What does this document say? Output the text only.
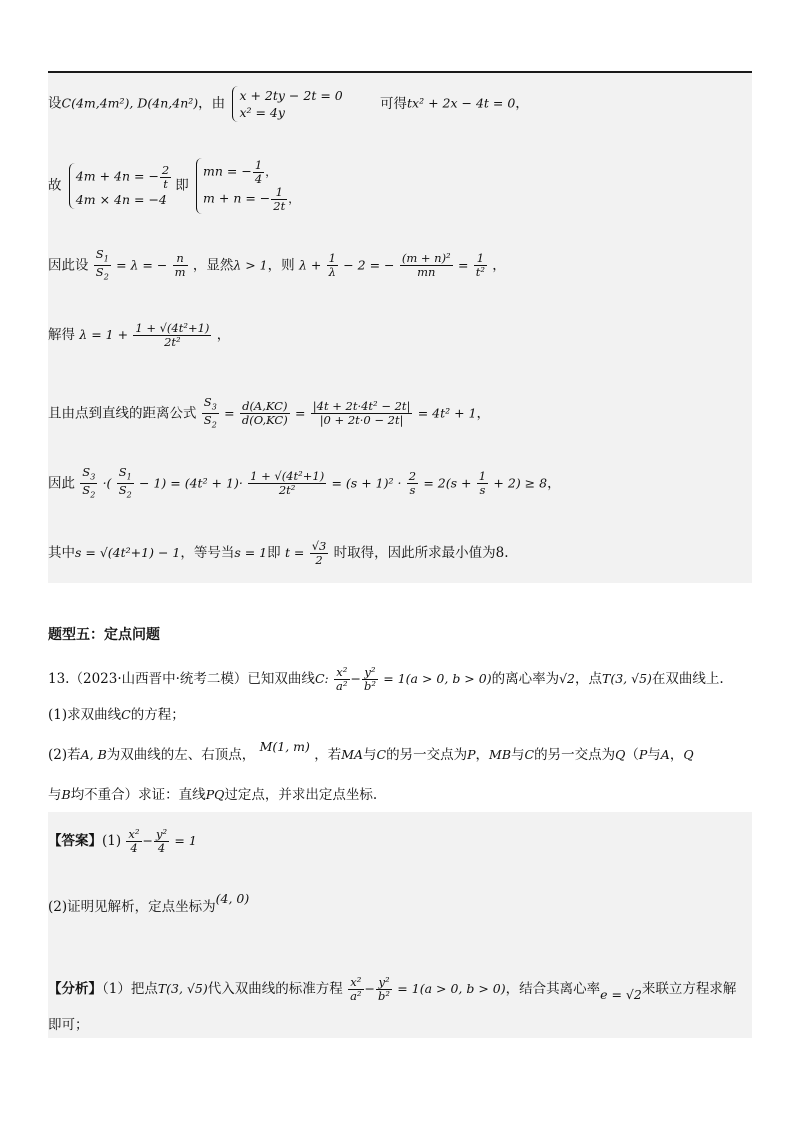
设C(4m,4m²), D(4n,4n²)，由 x + 2ty − 2t = 0
x² = 4y
可得tx² + 2x − 4t = 0，
故
4m + 4n = − $\frac{2}{t}$
4m × 4n = −4
即
mn = − $\frac{1}{4}$ ，
m + n = − $\frac{1}{2t}$ ，
因此设 $\frac{S_1}{S_2} = \lambda$ = − $\frac{n}{m}$ ，显然λ > 1，则 $\lambda + \frac{1}{\lambda} - 2$ = − $\frac{\text{(m + n)²}}{mn} = \frac{1}{\text{t²}}$ ，
解得 $\lambda = 1 + \frac{\text{1 + √(4t²+1)}}{\text{2t²}}$ ，
且由点到直线的距离公式 $\frac{S_3}{S_2} = \frac{d(A,KC)}{d(O,KC)} = \frac{\text{|4t + 2t·4t² − 2t|}}{|0 + 2t\cdot 0 - 2t|} = 4t^2 + 1$，
因此 $\frac{S_3}{S_2}$ ·( $\frac{S_1}{S_2} - 1) = (4t^2 + 1)\cdot \frac{\text{1 + √(4t²+1)}}{\text{2t²}} = (s + 1)^2 \cdot \frac{2}{s} = 2(s + \frac{1}{s} + 2) \ge 8$，
其中s = √(4t²+1) − 1，等号当s = 1即 $t = \frac{√3}{2}$ 时取得，因此所求最小值为8.
题型五：定点问题
13.（2023·山西晋中·统考二模）已知双曲线C: $\frac{\text{x²}}{\text{a²}} - \frac{\text{y²}}{\text{b²}} = 1(a > 0$, b > 0)的离心率为√2，点T(3, √5)在双曲线上.
(1)求双曲线C的方程；
(2)若A, B为双曲线的左、右顶点， M(1, m) ，若MA与C的另一交点为P，MB与C的另一交点为Q（P与A，Q
与B均不重合）求证：直线PQ过定点，并求出定点坐标.
【答案】$(1) \frac{\text{x²}}{4} - \frac{\text{y²}}{4} = 1$
(2)证明见解析，定点坐标为(4, 0)
【分析】（1）把点T(3, √5)代入双曲线的标准方程 $\frac{\text{x²}}{\text{a²}} - \frac{\text{y²}}{\text{b²}} = 1(a > 0$, b > 0)，结合其离心率e = √2来联立方程求解
即可；
